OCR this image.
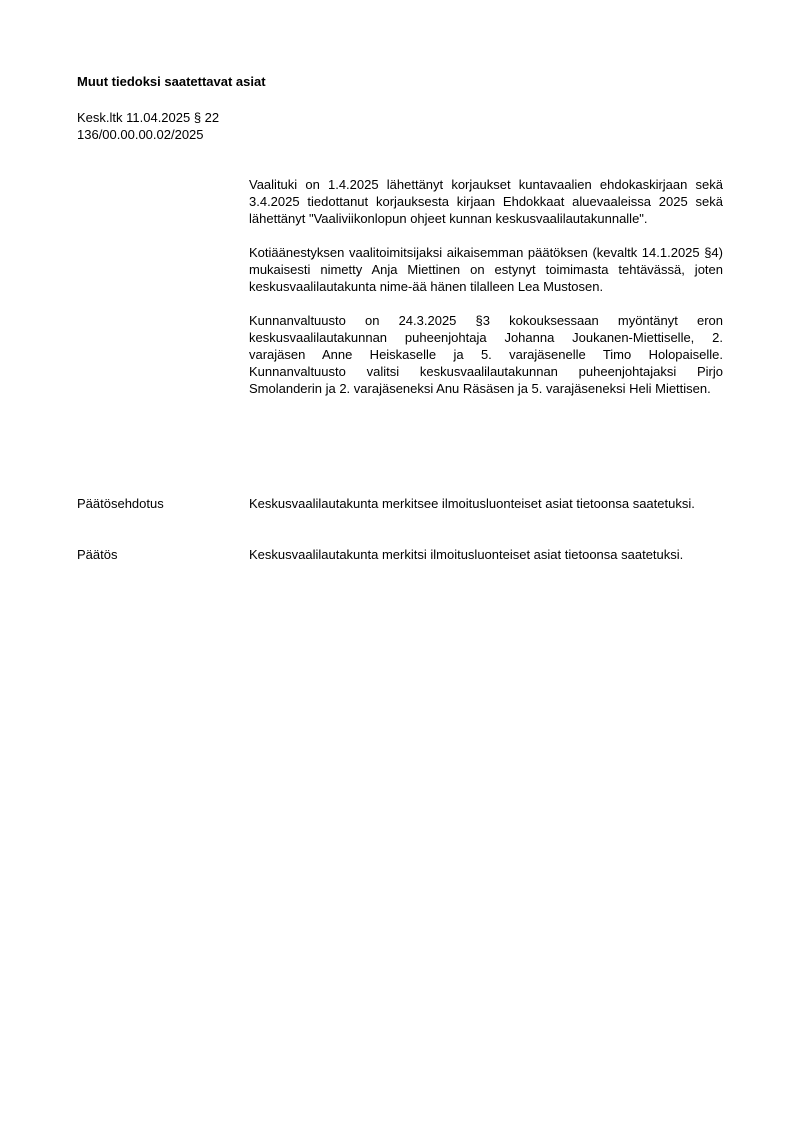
Muut tiedoksi saatettavat asiat
Kesk.ltk 11.04.2025 § 22
136/00.00.00.02/2025

Vaalituki on 1.4.2025 lähettänyt korjaukset kuntavaalien ehdokaskirjaan sekä 3.4.2025 tiedottanut korjauksesta kirjaan Ehdokkaat aluevaaleissa 2025 sekä lähettänyt "Vaaliviikonlopun ohjeet kunnan keskusvaalilautakunnalle".

Kotiäänestyksen vaalitoimitsijaksi aikaisemman päätöksen (kevaltk 14.1.2025 §4) mukaisesti nimetty Anja Miettinen on estynyt toimimasta tehtävässä, joten keskusvaalilautakunta nime-ää hänen tilalleen Lea Mustosen.

Kunnanvaltuusto on 24.3.2025 §3 kokouksessaan myöntänyt eron keskusvaalilautakunnan puheenjohtaja Johanna Joukanen-Miettiselle, 2. varajäsen Anne Heiskaselle ja 5. varajäsenelle Timo Holopaiselle. Kunnanvaltuusto valitsi keskusvaalilautakunnan puheenjohtajaksi Pirjo Smolanderin ja 2. varajäseneksi Anu Räsäsen ja 5. varajäseneksi Heli Miettisen.

Päätösehdotus	Keskusvaalilautakunta merkitsee ilmoitusluonteiset asiat tietoonsa saatetuksi.
Päätös	Keskusvaalilautakunta merkitsi ilmoitusluonteiset asiat tietoonsa saatetuksi.
